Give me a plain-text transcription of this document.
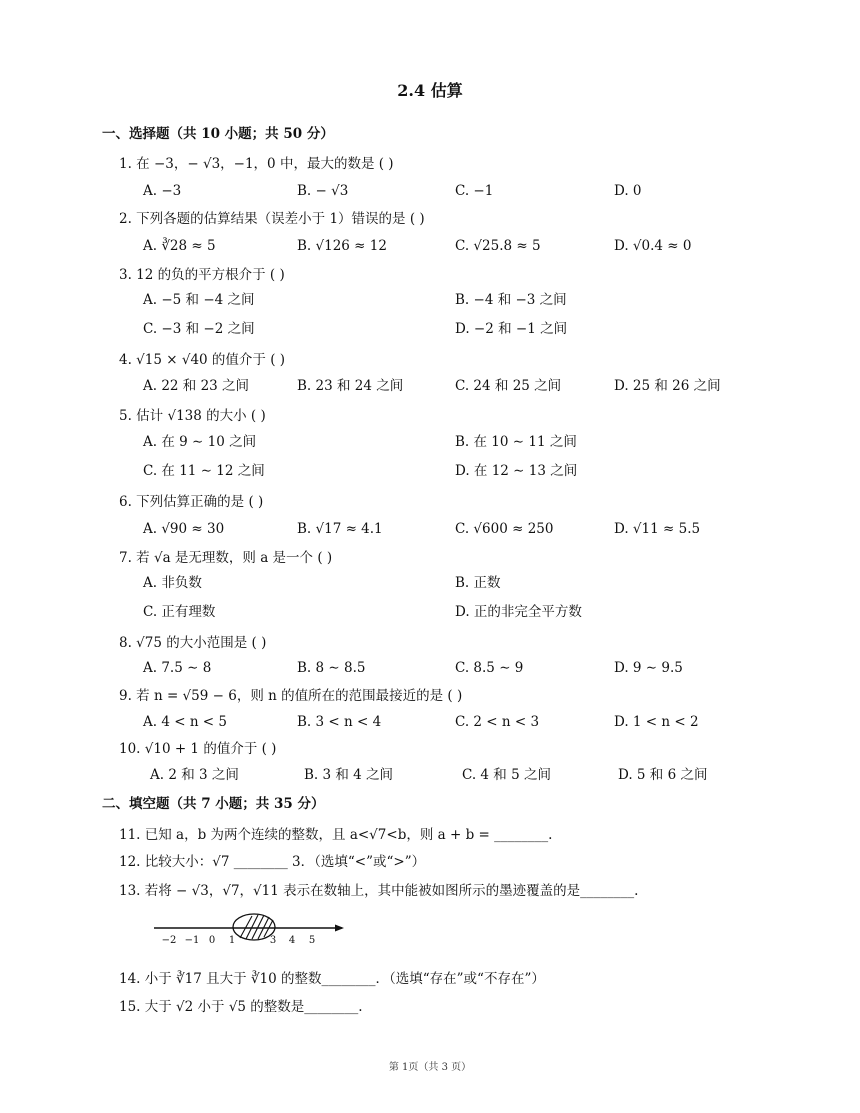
2.4 估算
一、选择题（共 10 小题；共 50 分）
1. 在 −3，− √3，−1，0 中，最大的数是 ( )
A. −3	B. − √3	C. −1	D. 0
2. 下列各题的估算结果（误差小于 1）错误的是 ( )
A. ∛28 ≈ 5	B. √126 ≈ 12	C. √25.8 ≈ 5	D. √0.4 ≈ 0
3. 12 的负的平方根介于 ( )
A. −5 和 −4 之间	B. −4 和 −3 之间
C. −3 和 −2 之间	D. −2 和 −1 之间
4. √15 × √40 的值介于 ( )
A. 22 和 23 之间	B. 23 和 24 之间	C. 24 和 25 之间	D. 25 和 26 之间
5. 估计 √138 的大小 ( )
A. 在 9 ∼ 10 之间	B. 在 10 ∼ 11 之间
C. 在 11 ∼ 12 之间	D. 在 12 ∼ 13 之间
6. 下列估算正确的是 ( )
A. √90 ≈ 30	B. √17 ≈ 4.1	C. √600 ≈ 250	D. √11 ≈ 5.5
7. 若 √a 是无理数，则 a 是一个 ( )
A. 非负数	B. 正数
C. 正有理数	D. 正的非完全平方数
8. √75 的大小范围是 ( )
A. 7.5 ∼ 8	B. 8 ∼ 8.5	C. 8.5 ∼ 9	D. 9 ∼ 9.5
9. 若 n = √59 − 6，则 n 的值所在的范围最接近的是 ( )
A. 4 < n < 5	B. 3 < n < 4	C. 2 < n < 3	D. 1 < n < 2
10. √10 + 1 的值介于 ( )
A. 2 和 3 之间	B. 3 和 4 之间	C. 4 和 5 之间	D. 5 和 6 之间
二、填空题（共 7 小题；共 35 分）
11. 已知 a，b 为两个连续的整数，且 a<√7<b，则 a + b = ________.
12. 比较大小：√7 ________ 3．（选填“<”或“>”）
13. 若将 − √3，√7，√11 表示在数轴上，其中能被如图所示的墨迹覆盖的是________.
−2 −1 0 1	3 4 5
14. 小于 ∛17 且大于 ∛10 的整数________．（选填“存在”或“不存在”）
15. 大于 √2 小于 √5 的整数是________.
第 1页（共 3 页）
